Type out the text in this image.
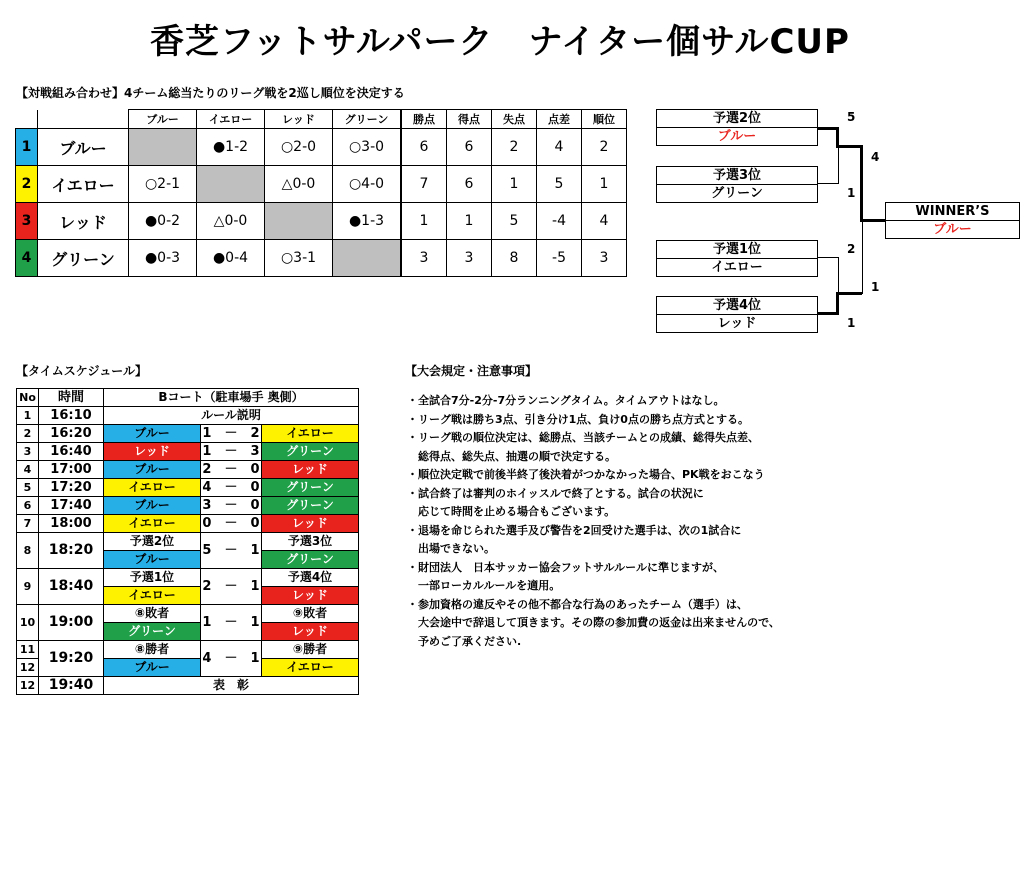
香芝フットサルパーク　ナイター個サルCUP
【対戦組み合わせ】4チーム総当たりのリーグ戦を2巡し順位を決定する
		ブルー	イエロー	レッド	グリーン	勝点	得点	失点	点差	順位
1	ブルー		●1-2	○2-0	○3-0	6	6	2	4	2
2	イエロー	○2-1		△0-0	○4-0	7	6	1	5	1
3	レッド	●0-2	△0-0		●1-3	1	1	5	-4	4
4	グリーン	●0-3	●0-4	○3-1		3	3	8	-5	3
予選2位
ブルー
予選3位
グリーン
予選1位
イエロー
予選4位
レッド
5
1
2
1
4
1
WINNER’S
ブルー
【タイムスケジュール】
No	時間	Bコート（駐車場手 奥側）		
1	16:10	ルール説明		
2	16:20	ブルー	1　 －　 2	イエロー
3	16:40	レッド	1　 －　 3	グリーン
4	17:00	ブルー	2　 －　 0	レッド
5	17:20	イエロー	4　 －　 0	グリーン
6	17:40	ブルー	3　 －　 0	グリーン
7	18:00	イエロー	0　 －　 0	レッド
8	18:20	予選2位	5　 －　 1	予選3位
		ブルー		グリーン
9	18:40	予選1位	2　 －　 1	予選4位
		イエロー		レッド
10	19:00	⑧敗者	1　 －　 1	⑨敗者
		グリーン		レッド
11	19:20	⑧勝者	4　 －　 1	⑨勝者
12		ブルー		イエロー
12	19:40	表　彰		
【大会規定・注意事項】
・全試合7分-2分-7分ランニングタイム。タイムアウトはなし。
・リーグ戦は勝ち3点、引き分け1点、負け0点の勝ち点方式とする。
・リーグ戦の順位決定は、総勝点、当該チームとの成績、総得失点差、
　総得点、総失点、抽選の順で決定する。
・順位決定戦で前後半終了後決着がつかなかった場合、PK戦をおこなう
・試合終了は審判のホイッスルで終了とする。試合の状況に
　応じて時間を止める場合もございます。
・退場を命じられた選手及び警告を2回受けた選手は、次の1試合に
　出場できない。
・財団法人　日本サッカー協会フットサルルールに準じますが、
　一部ローカルルールを適用。
・参加資格の違反やその他不都合な行為のあったチーム（選手）は、
　大会途中で辞退して頂きます。その際の参加費の返金は出来ませんので、
　予めご了承ください.
